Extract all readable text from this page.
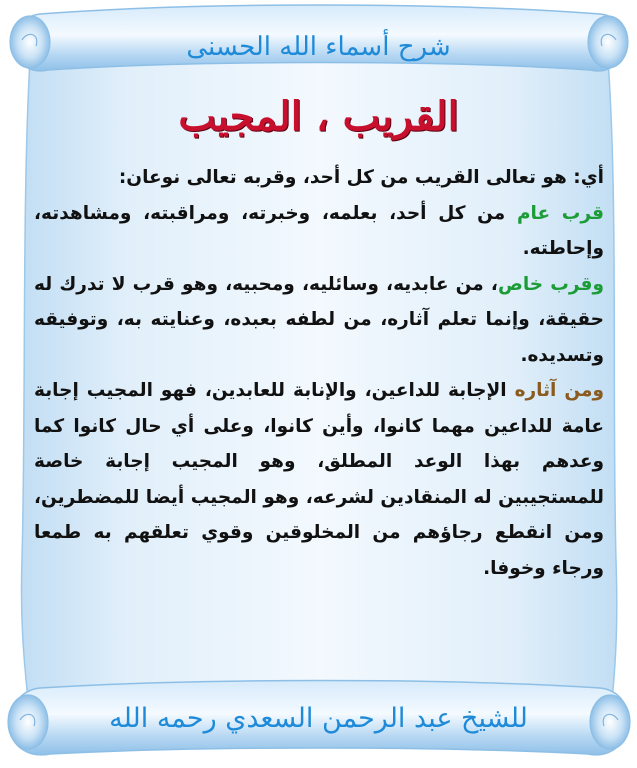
شرح أسماء الله الحسنى
القريب ، المجيب

أي: هو تعالى القريب من كل أحد، وقربه تعالى نوعان:

قرب عام من كل أحد، بعلمه، وخبرته، ومراقبته، ومشاهدته، وإحاطته.

وقرب خاص، من عابديه، وسائليه، ومحبيه، وهو قرب لا تدرك له حقيقة، وإنما تعلم آثاره، من لطفه بعبده، وعنايته به، وتوفيقه وتسديده.

ومن آثاره الإجابة للداعين، والإنابة للعابدين، فهو المجيب إجابة عامة للداعين مهما كانوا، وأين كانوا، وعلى أي حال كانوا كما وعدهم بهذا الوعد المطلق، وهو المجيب إجابة خاصة للمستجيبين له المنقادين لشرعه، وهو المجيب أيضا للمضطرين، ومن انقطع رجاؤهم من المخلوقين وقوي تعلقهم به طمعا ورجاء وخوفا.

للشيخ عبد الرحمن السعدي رحمه الله
